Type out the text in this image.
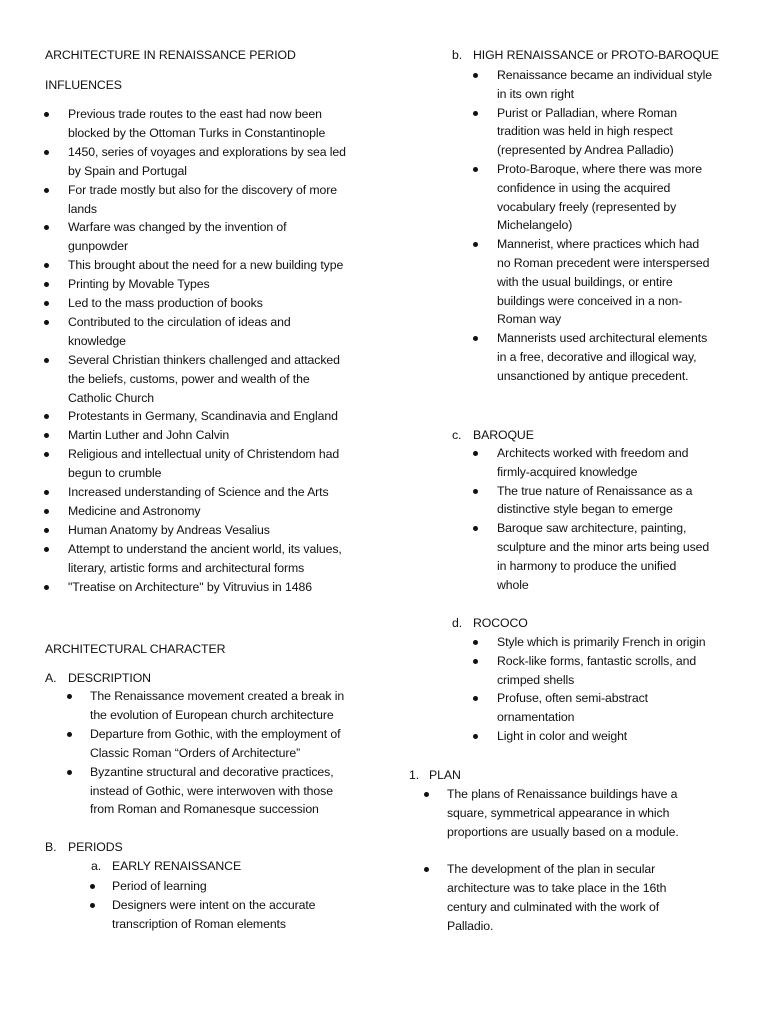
ARCHITECTURE IN RENAISSANCE PERIOD
INFLUENCES
Previous trade routes to the east had now been
blocked by the Ottoman Turks in Constantinople
1450, series of voyages and explorations by sea led
by Spain and Portugal
For trade mostly but also for the discovery of more
lands
Warfare was changed by the invention of
gunpowder
This brought about the need for a new building type
Printing by Movable Types
Led to the mass production of books
Contributed to the circulation of ideas and
knowledge
Several Christian thinkers challenged and attacked
the beliefs, customs, power and wealth of the
Catholic Church
Protestants in Germany, Scandinavia and England
Martin Luther and John Calvin
Religious and intellectual unity of Christendom had
begun to crumble
Increased understanding of Science and the Arts
Medicine and Astronomy
Human Anatomy by Andreas Vesalius
Attempt to understand the ancient world, its values,
literary, artistic forms and architectural forms
"Treatise on Architecture" by Vitruvius in 1486
ARCHITECTURAL CHARACTER
A. DESCRIPTION
The Renaissance movement created a break in
the evolution of European church architecture
Departure from Gothic, with the employment of
Classic Roman “Orders of Architecture”
Byzantine structural and decorative practices,
instead of Gothic, were interwoven with those
from Roman and Romanesque succession
B. PERIODS
a. EARLY RENAISSANCE
Period of learning
Designers were intent on the accurate
transcription of Roman elements
b. HIGH RENAISSANCE or PROTO-BAROQUE
Renaissance became an individual style
in its own right
Purist or Palladian, where Roman
tradition was held in high respect
(represented by Andrea Palladio)
Proto-Baroque, where there was more
confidence in using the acquired
vocabulary freely (represented by
Michelangelo)
Mannerist, where practices which had
no Roman precedent were interspersed
with the usual buildings, or entire
buildings were conceived in a non-
Roman way
Mannerists used architectural elements
in a free, decorative and illogical way,
unsanctioned by antique precedent.
c. BAROQUE
Architects worked with freedom and
firmly-acquired knowledge
The true nature of Renaissance as a
distinctive style began to emerge
Baroque saw architecture, painting,
sculpture and the minor arts being used
in harmony to produce the unified
whole
d. ROCOCO
Style which is primarily French in origin
Rock-like forms, fantastic scrolls, and
crimped shells
Profuse, often semi-abstract
ornamentation
Light in color and weight
1. PLAN
The plans of Renaissance buildings have a
square, symmetrical appearance in which
proportions are usually based on a module.
The development of the plan in secular
architecture was to take place in the 16th
century and culminated with the work of
Palladio.
